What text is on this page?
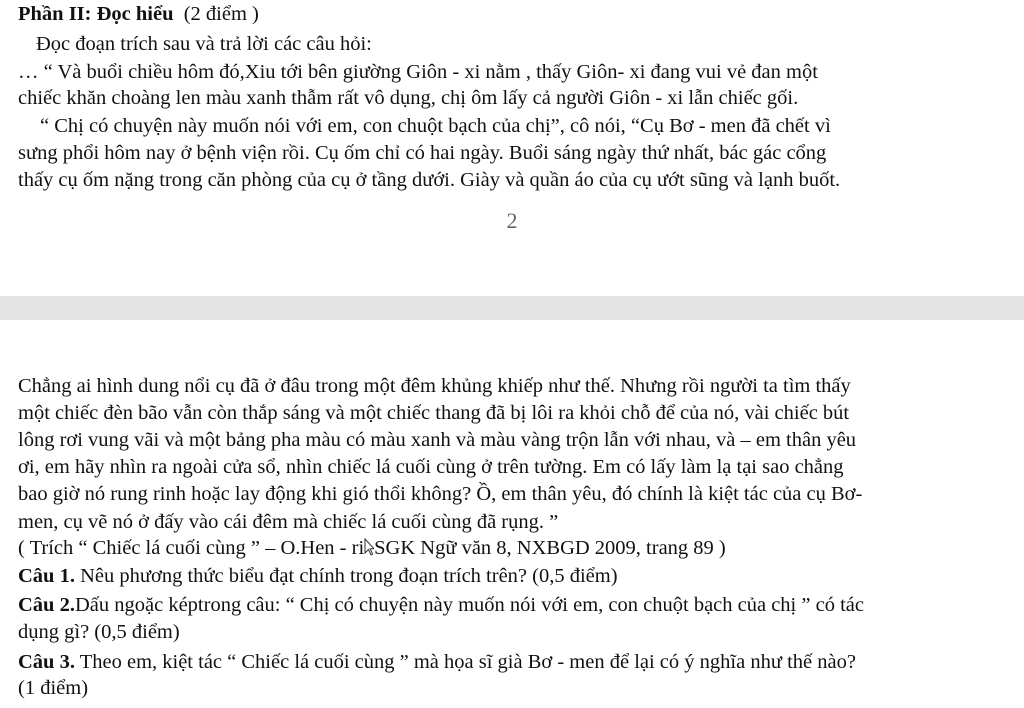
Phần II: Đọc hiểu (2 điểm )
Đọc đoạn trích sau và trả lời các câu hỏi:
… “ Và buổi chiều hôm đó,Xiu tới bên giường Giôn - xi nằm , thấy Giôn- xi đang vui vẻ đan một
chiếc khăn choàng len màu xanh thẫm rất vô dụng, chị ôm lấy cả người Giôn - xi lẫn chiếc gối.
“ Chị có chuyện này muốn nói với em, con chuột bạch của chị”, cô nói, “Cụ Bơ - men đã chết vì
sưng phổi hôm nay ở bệnh viện rồi. Cụ ốm chỉ có hai ngày. Buổi sáng ngày thứ nhất, bác gác cổng
thấy cụ ốm nặng trong căn phòng của cụ ở tầng dưới. Giày và quần áo của cụ ướt sũng và lạnh buốt.
2
Chẳng ai hình dung nổi cụ đã ở đâu trong một đêm khủng khiếp như thế. Nhưng rồi người ta tìm thấy
một chiếc đèn bão vẫn còn thắp sáng và một chiếc thang đã bị lôi ra khỏi chỗ để của nó, vài chiếc bút
lông rơi vung vãi và một bảng pha màu có màu xanh và màu vàng trộn lẫn với nhau, và – em thân yêu
ơi, em hãy nhìn ra ngoài cửa sổ, nhìn chiếc lá cuối cùng ở trên tường. Em có lấy làm lạ tại sao chẳng
bao giờ nó rung rinh hoặc lay động khi gió thổi không? Ồ, em thân yêu, đó chính là kiệt tác của cụ Bơ-
men, cụ vẽ nó ở đấy vào cái đêm mà chiếc lá cuối cùng đã rụng. ”
( Trích “ Chiếc lá cuối cùng ” – O.Hen - ri SGK Ngữ văn 8, NXBGD 2009, trang 89 )
Câu 1. Nêu phương thức biểu đạt chính trong đoạn trích trên? (0,5 điểm)
Câu 2.Dấu ngoặc képtrong câu: “ Chị có chuyện này muốn nói với em, con chuột bạch của chị ” có tác
dụng gì? (0,5 điểm)
Câu 3. Theo em, kiệt tác “ Chiếc lá cuối cùng ” mà họa sĩ già Bơ - men để lại có ý nghĩa như thế nào?
(1 điểm)
